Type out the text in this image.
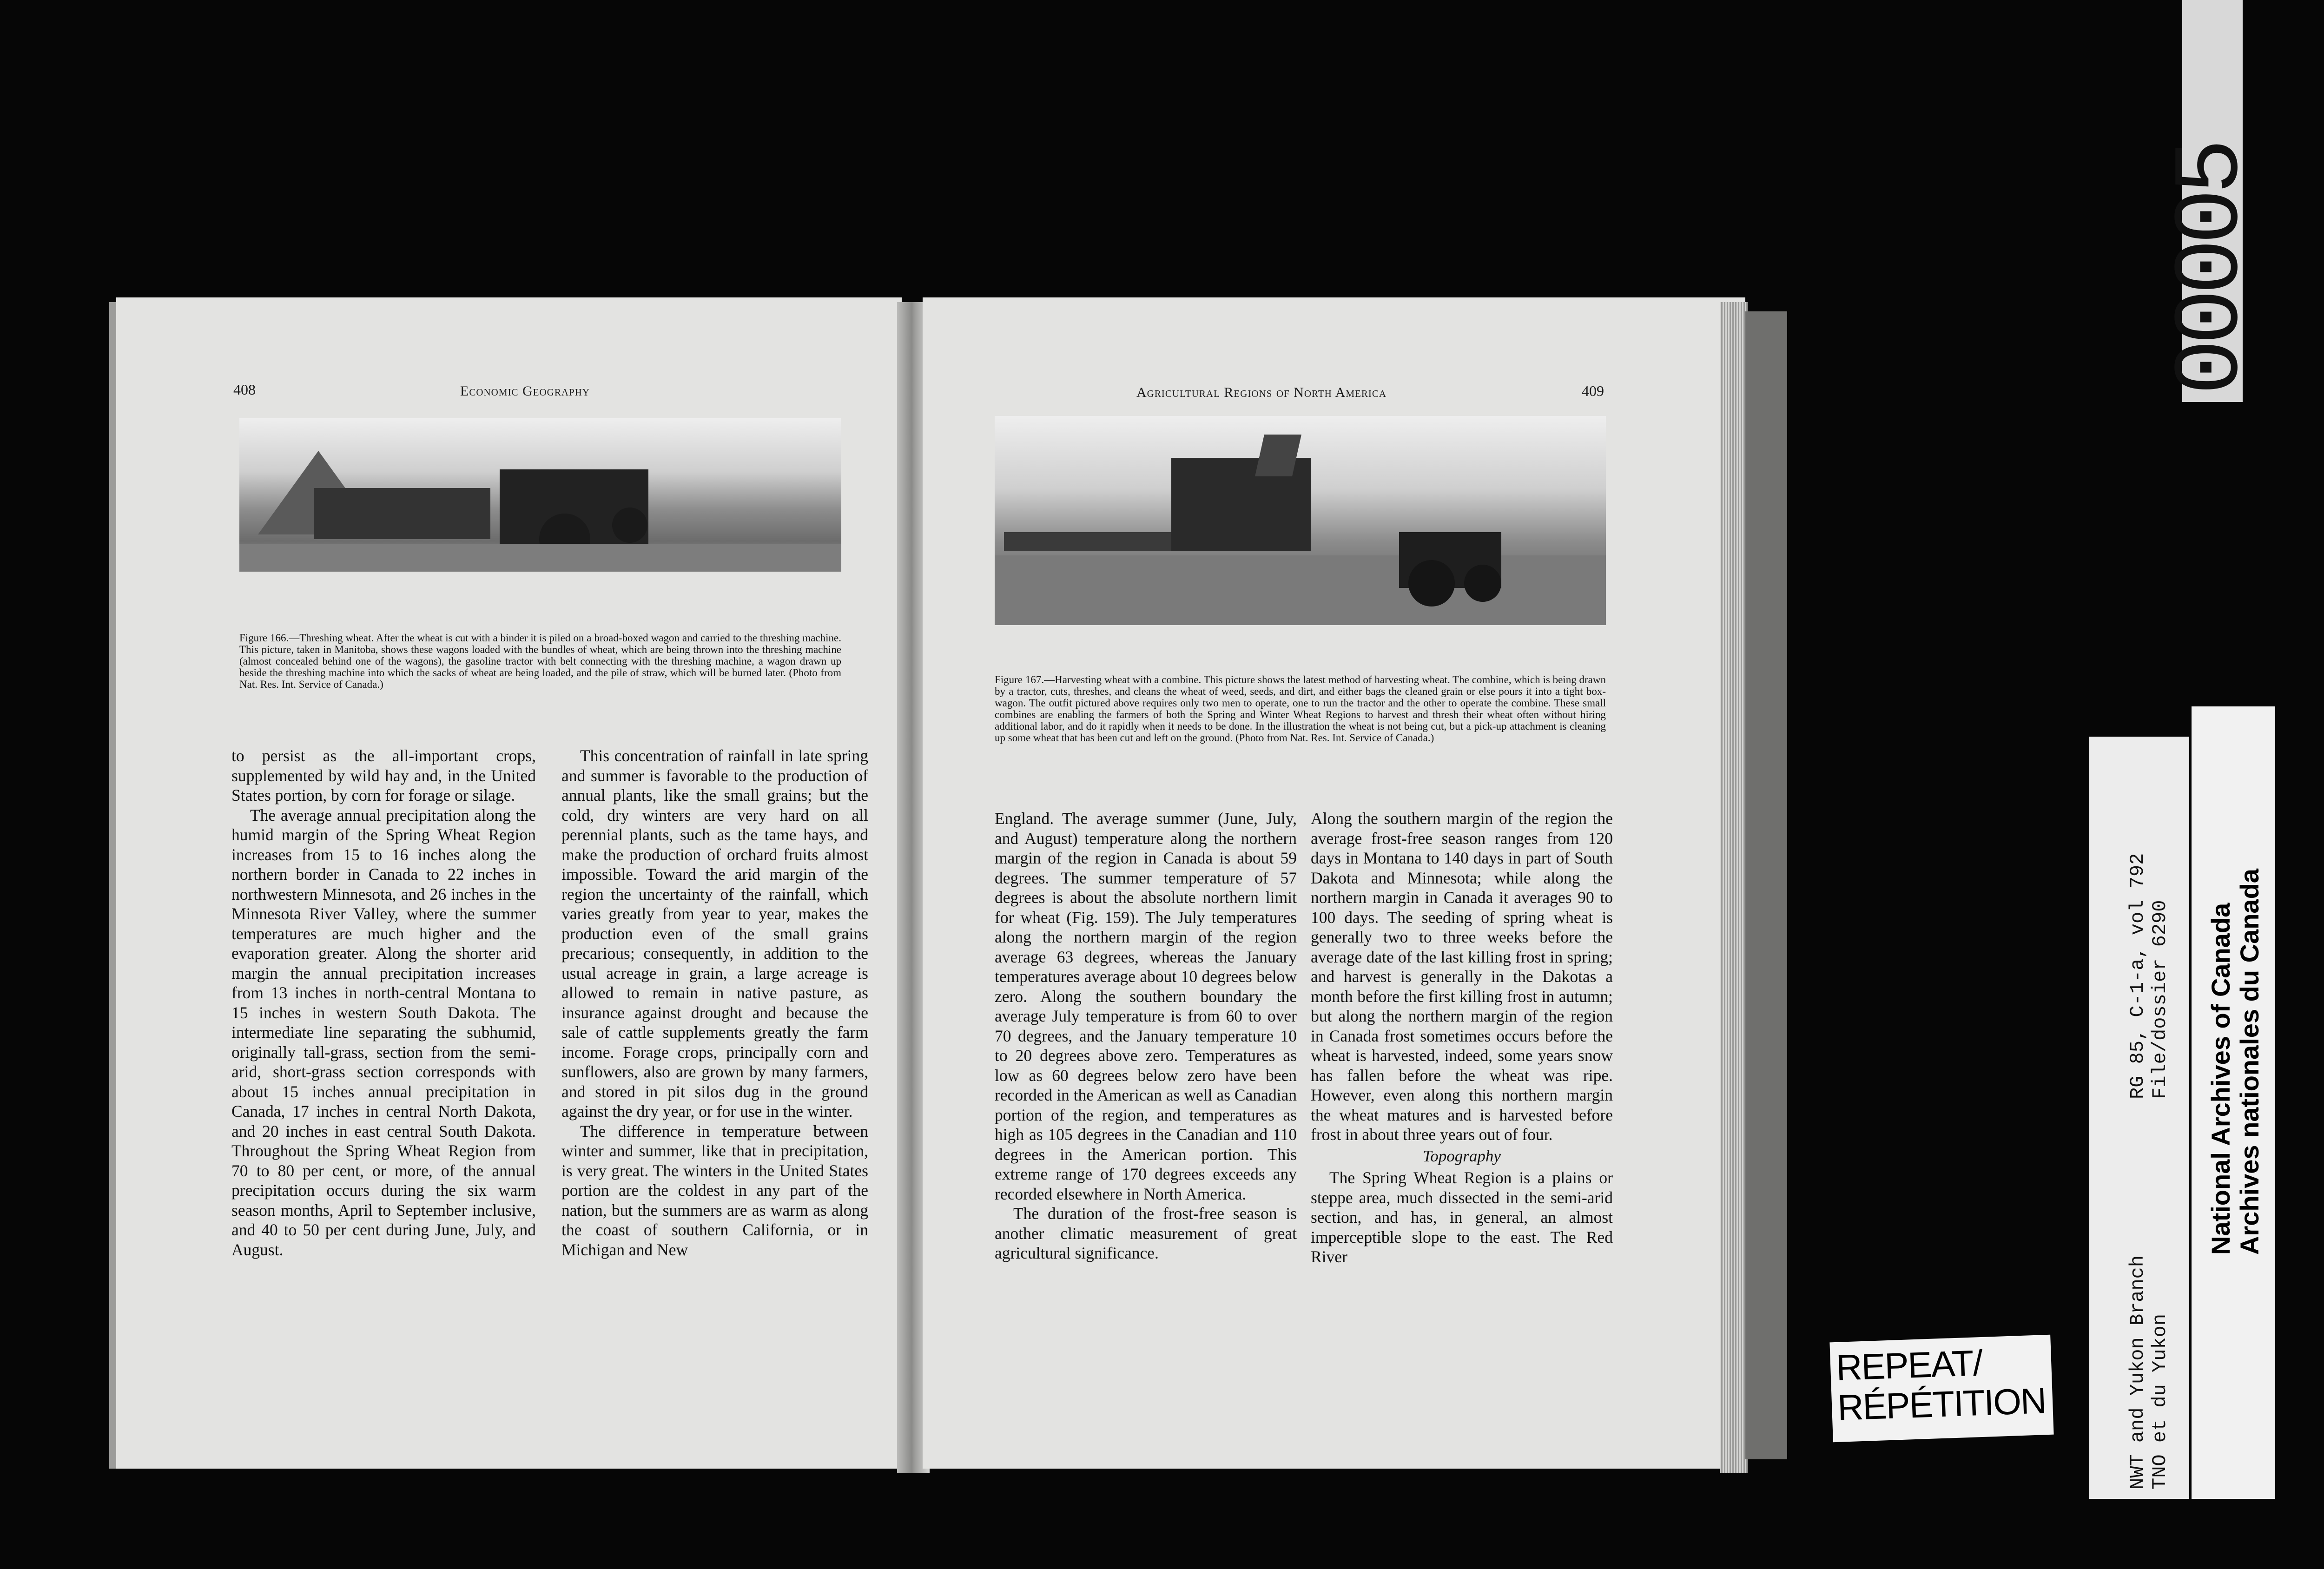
408	Economic Geography
Figure 166.—Threshing wheat. After the wheat is cut with a binder it is piled on a broad-boxed wagon and carried to the threshing machine. This picture, taken in Manitoba, shows these wagons loaded with the bundles of wheat, which are being thrown into the threshing machine (almost concealed behind one of the wagons), the gasoline tractor with belt connecting with the threshing machine, a wagon drawn up beside the threshing machine into which the sacks of wheat are being loaded, and the pile of straw, which will be burned later. (Photo from Nat. Res. Int. Service of Canada.)

to persist as the all-important crops, supplemented by wild hay and, in the United States portion, by corn for forage or silage.

The average annual precipitation along the humid margin of the Spring Wheat Region increases from 15 to 16 inches along the northern border in Canada to 22 inches in northwestern Minnesota, and 26 inches in the Minnesota River Valley, where the summer temperatures are much higher and the evaporation greater. Along the shorter arid margin the annual precipitation increases from 13 inches in north-central Montana to 15 inches in western South Dakota. The intermediate line separating the subhumid, originally tall-grass, section from the semi-arid, short-grass section corresponds with about 15 inches annual precipitation in Canada, 17 inches in central North Dakota, and 20 inches in east central South Dakota. Throughout the Spring Wheat Region from 70 to 80 per cent, or more, of the annual precipitation occurs during the six warm season months, April to September inclusive, and 40 to 50 per cent during June, July, and August.

This concentration of rainfall in late spring and summer is favorable to the production of annual plants, like the small grains; but the cold, dry winters are very hard on all perennial plants, such as the tame hays, and make the production of orchard fruits almost impossible. Toward the arid margin of the region the uncertainty of the rainfall, which varies greatly from year to year, makes the production even of the small grains precarious; consequently, in addition to the usual acreage in grain, a large acreage is allowed to remain in native pasture, as insurance against drought and because the sale of cattle supplements greatly the farm income. Forage crops, principally corn and sunflowers, also are grown by many farmers, and stored in pit silos dug in the ground against the dry year, or for use in the winter.

The difference in temperature between winter and summer, like that in precipitation, is very great. The winters in the United States portion are the coldest in any part of the nation, but the summers are as warm as along the coast of southern California, or in Michigan and New

Agricultural Regions of North America	409
Figure 167.—Harvesting wheat with a combine. This picture shows the latest method of harvesting wheat. The combine, which is being drawn by a tractor, cuts, threshes, and cleans the wheat of weed, seeds, and dirt, and either bags the cleaned grain or else pours it into a tight box-wagon. The outfit pictured above requires only two men to operate, one to run the tractor and the other to operate the combine. These small combines are enabling the farmers of both the Spring and Winter Wheat Regions to harvest and thresh their wheat often without hiring additional labor, and do it rapidly when it needs to be done. In the illustration the wheat is not being cut, but a pick-up attachment is cleaning up some wheat that has been cut and left on the ground. (Photo from Nat. Res. Int. Service of Canada.)

England. The average summer (June, July, and August) temperature along the northern margin of the region in Canada is about 59 degrees. The summer temperature of 57 degrees is about the absolute northern limit for wheat (Fig. 159). The July temperatures along the northern margin of the region average 63 degrees, whereas the January temperatures average about 10 degrees below zero. Along the southern boundary the average July temperature is from 60 to over 70 degrees, and the January temperature 10 to 20 degrees above zero. Temperatures as low as 60 degrees below zero have been recorded in the American as well as Canadian portion of the region, and temperatures as high as 105 degrees in the Canadian and 110 degrees in the American portion. This extreme range of 170 degrees exceeds any recorded elsewhere in North America.

The duration of the frost-free season is another climatic measurement of great agricultural significance.

Along the southern margin of the region the average frost-free season ranges from 120 days in Montana to 140 days in part of South Dakota and Minnesota; while along the northern margin in Canada it averages 90 to 100 days. The seeding of spring wheat is generally two to three weeks before the average date of the last killing frost in spring; and harvest is generally in the Dakotas a month before the first killing frost in autumn; but along the northern margin of the region in Canada frost sometimes occurs before the wheat is harvested, indeed, some years snow has fallen before the wheat was ripe. However, even along this northern margin the wheat matures and is harvested before frost in about three years out of four.

Topography

The Spring Wheat Region is a plains or steppe area, much dissected in the semi-arid section, and has, in general, an almost imperceptible slope to the east. The Red River

00005
NWT and Yukon Branch TNO et du Yukon
RG 85, C-1-a, vol 792 File/dossier 6290 National Archives of Canada Archives nationales du Canada
REPEAT/
RÉPÉTITION
